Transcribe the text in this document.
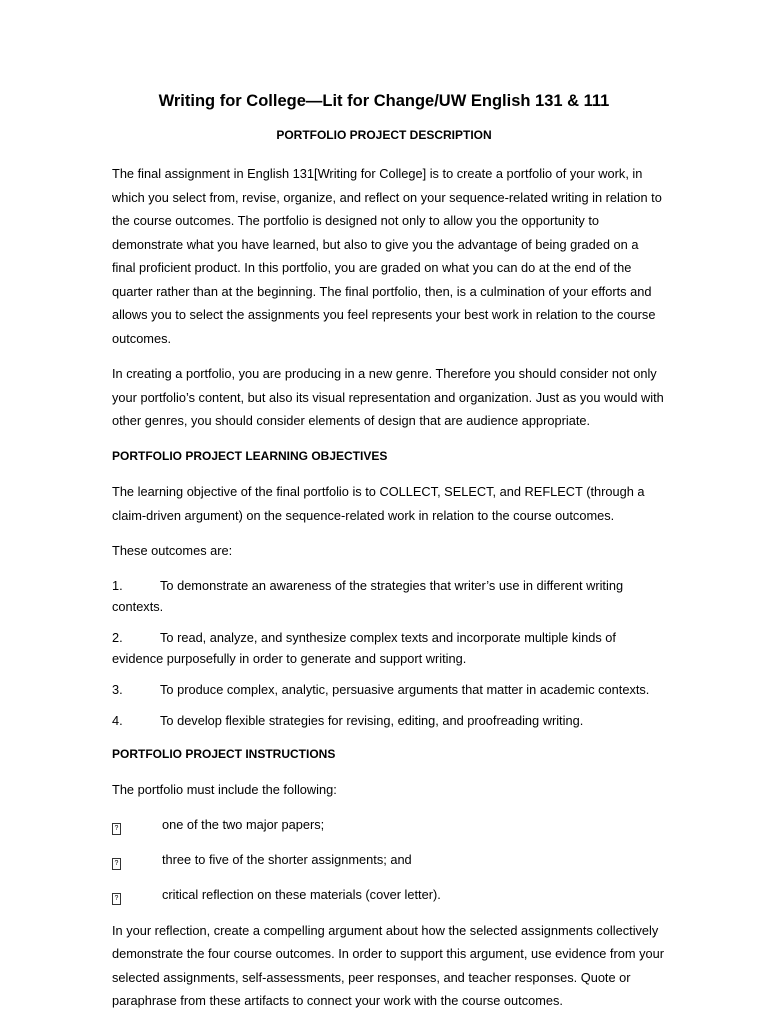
Writing for College—Lit for Change/UW English 131 & 111
PORTFOLIO PROJECT DESCRIPTION

The final assignment in English 131[Writing for College] is to create a portfolio of your work, in which you select from, revise, organize, and reflect on your sequence-related writing in relation to the course outcomes. The portfolio is designed not only to allow you the opportunity to demonstrate what you have learned, but also to give you the advantage of being graded on a final proficient product. In this portfolio, you are graded on what you can do at the end of the quarter rather than at the beginning. The final portfolio, then, is a culmination of your efforts and allows you to select the assignments you feel represents your best work in relation to the course outcomes.

In creating a portfolio, you are producing in a new genre. Therefore you should consider not only your portfolio’s content, but also its visual representation and organization. Just as you would with other genres, you should consider elements of design that are audience appropriate.

PORTFOLIO PROJECT LEARNING OBJECTIVES

The learning objective of the final portfolio is to COLLECT, SELECT, and REFLECT (through a claim-driven argument) on the sequence-related work in relation to the course outcomes.

These outcomes are:

1.	To demonstrate an awareness of the strategies that writer’s use in different writing contexts.
2.	To read, analyze, and synthesize complex texts and incorporate multiple kinds of evidence purposefully in order to generate and support writing.
3.	To produce complex, analytic, persuasive arguments that matter in academic contexts.
4.	To develop flexible strategies for revising, editing, and proofreading writing.
PORTFOLIO PROJECT INSTRUCTIONS

The portfolio must include the following:

?	one of the two major papers;
?	three to five of the shorter assignments; and
?	critical reflection on these materials (cover letter).

In your reflection, create a compelling argument about how the selected assignments collectively demonstrate the four course outcomes. In order to support this argument, use evidence from your selected assignments, self-assessments, peer responses, and teacher responses. Quote or paraphrase from these artifacts to connect your work with the course outcomes.
